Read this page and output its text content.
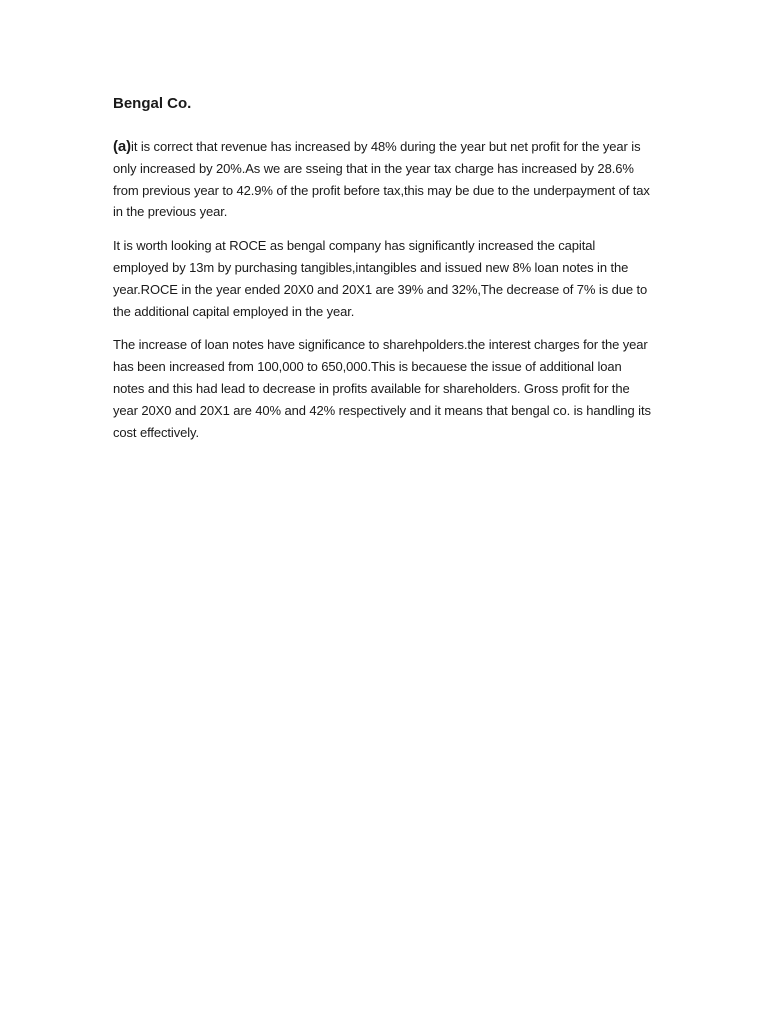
Bengal Co.

(a)it is correct that revenue has increased by 48% during the year but net profit for the year is only increased by 20%.As we are sseing that in the year tax charge has increased by 28.6% from previous year to 42.9% of the profit before tax,this may be due to the underpayment of tax in the previous year.

It is worth looking at ROCE as bengal company has significantly increased the capital employed by 13m by purchasing tangibles,intangibles and issued new 8% loan notes in the year.ROCE in the year ended 20X0 and 20X1 are 39% and 32%,The decrease of 7% is due to the additional capital employed in the year.

The increase of loan notes have significance to sharehpolders.the interest charges for the year has been increased from 100,000 to 650,000.This is becauese the issue of additional loan notes and this had lead to decrease in profits available for shareholders. Gross profit for the year 20X0 and 20X1 are 40% and 42% respectively and it means that bengal co. is handling its cost effectively.
